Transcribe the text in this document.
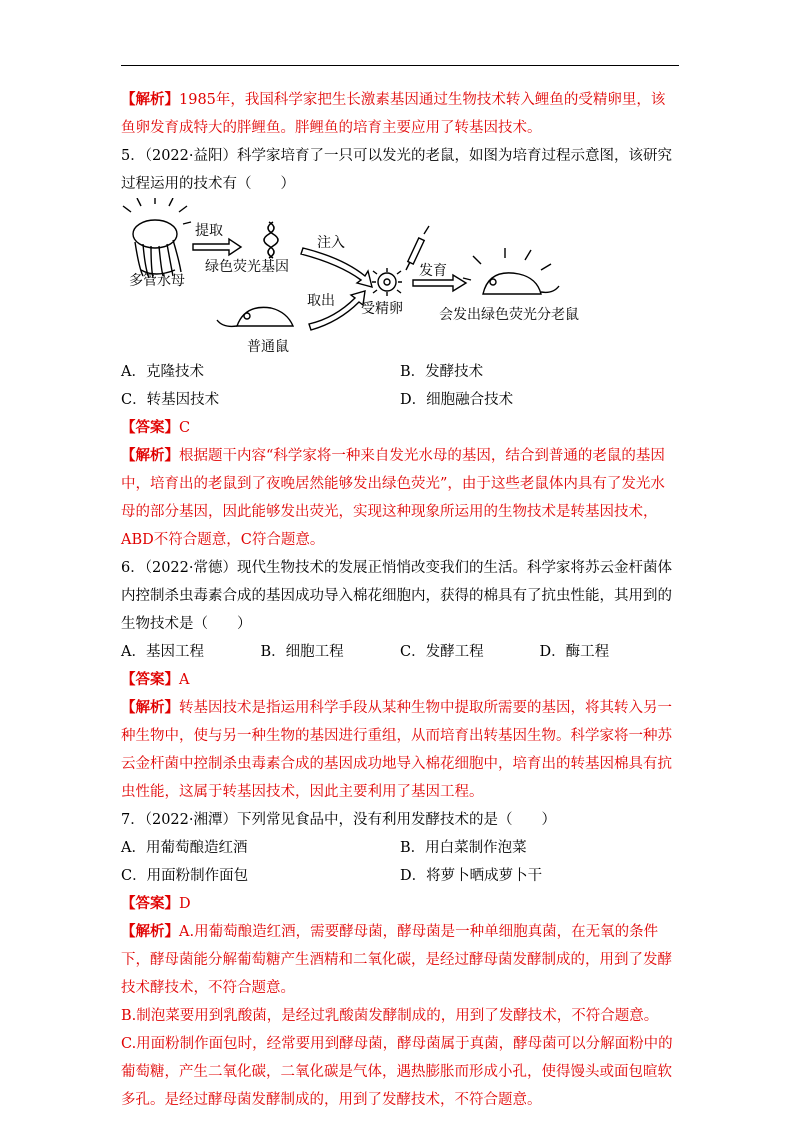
【解析】1985年，我国科学家把生长激素基因通过生物技术转入鲤鱼的受精卵里，该鱼卵发育成特大的胖鲤鱼。胖鲤鱼的培育主要应用了转基因技术。

5．（2022·益阳）科学家培育了一只可以发光的老鼠，如图为培育过程示意图，该研究过程运用的技术有（　　）

多管水母
提取
绿色荧光基因
注入
受精卵
发育
会发出绿色荧光分老鼠
取出
普通鼠
A．克隆技术	B．发酵技术
C．转基因技术	D．细胞融合技术

【答案】C

【解析】根据题干内容“科学家将一种来自发光水母的基因，结合到普通的老鼠的基因中，培育出的老鼠到了夜晚居然能够发出绿色荧光”，由于这些老鼠体内具有了发光水母的部分基因，因此能够发出荧光，实现这种现象所运用的生物技术是转基因技术，ABD不符合题意，C符合题意。

6．（2022·常德）现代生物技术的发展正悄悄改变我们的生活。科学家将苏云金杆菌体内控制杀虫毒素合成的基因成功导入棉花细胞内，获得的棉具有了抗虫性能，其用到的生物技术是（　　）

A．基因工程	B．细胞工程	C．发酵工程	D．酶工程

【答案】A

【解析】转基因技术是指运用科学手段从某种生物中提取所需要的基因，将其转入另一种生物中，使与另一种生物的基因进行重组，从而培育出转基因生物。科学家将一种苏云金杆菌中控制杀虫毒素合成的基因成功地导入棉花细胞中，培育出的转基因棉具有抗虫性能，这属于转基因技术，因此主要利用了基因工程。

7．（2022·湘潭）下列常见食品中，没有利用发酵技术的是（　　）

A．用葡萄酿造红酒	B．用白菜制作泡菜
C．用面粉制作面包	D．将萝卜晒成萝卜干

【答案】D

【解析】A.用葡萄酿造红酒，需要酵母菌，酵母菌是一种单细胞真菌，在无氧的条件下，酵母菌能分解葡萄糖产生酒精和二氧化碳，是经过酵母菌发酵制成的，用到了发酵技术酵技术，不符合题意。

B.制泡菜要用到乳酸菌，是经过乳酸菌发酵制成的，用到了发酵技术，不符合题意。

C.用面粉制作面包时，经常要用到酵母菌，酵母菌属于真菌，酵母菌可以分解面粉中的葡萄糖，产生二氧化碳，二氧化碳是气体，遇热膨胀而形成小孔，使得馒头或面包暄软多孔。是经过酵母菌发酵制成的，用到了发酵技术，不符合题意。
